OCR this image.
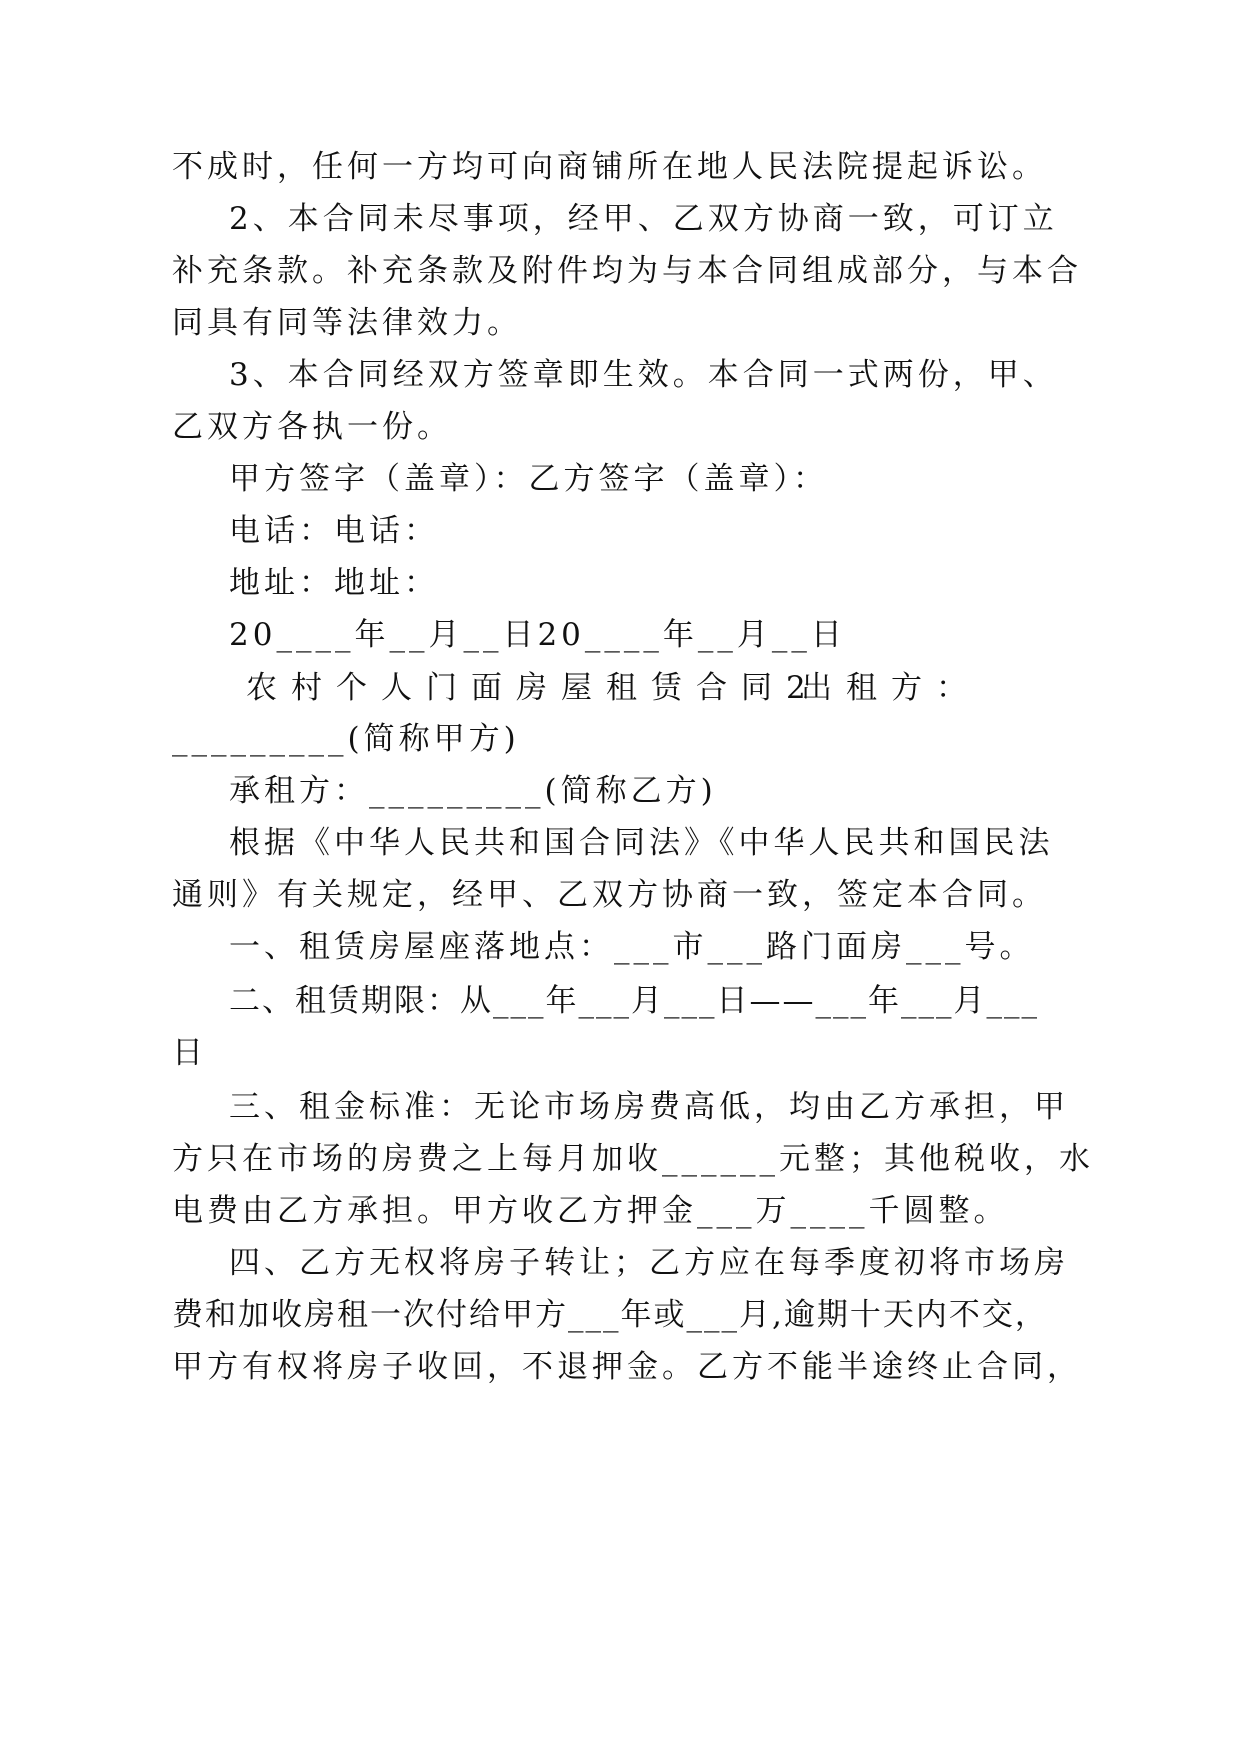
不成时，任何一方均可向商铺所在地人民法院提起诉讼。
2、本合同未尽事项，经甲、乙双方协商一致，可订立
补充条款。补充条款及附件均为与本合同组成部分，与本合
同具有同等法律效力。
3、本合同经双方签章即生效。本合同一式两份，甲、
乙双方各执一份。
甲方签字（盖章）：乙方签字（盖章）：
电话：电话：
地址：地址：
20____年__月__日20____年__月__日
农村个人门面房屋租赁合同2
出租方：
_________(简称甲方)
承租方：_________(简称乙方)
根据《中华人民共和国合同法》《中华人民共和国民法
通则》有关规定，经甲、乙双方协商一致，签定本合同。
一、租赁房屋座落地点：___市___路门面房___号。
二、租赁期限：从___年___月___日——___年___月___
日
三、租金标准：无论市场房费高低，均由乙方承担，甲
方只在市场的房费之上每月加收______元整；其他税收，水
电费由乙方承担。甲方收乙方押金___万____千圆整。
四、乙方无权将房子转让；乙方应在每季度初将市场房
费和加收房租一次付给甲方___年或___月,逾期十天内不交，
甲方有权将房子收回，不退押金。乙方不能半途终止合同，
